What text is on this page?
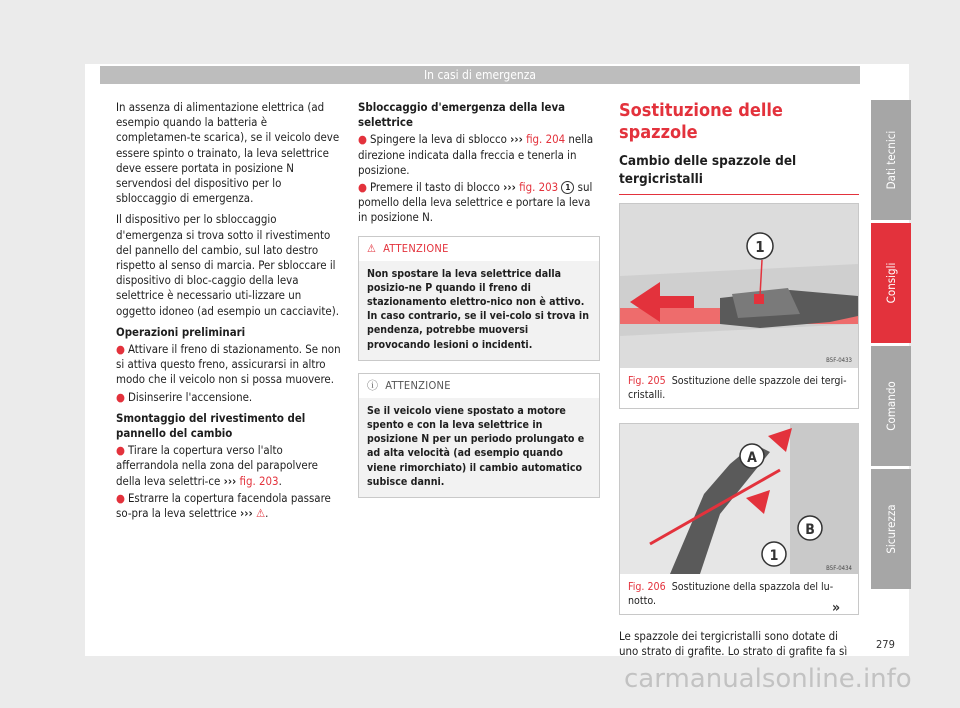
In casi di emergenza

In assenza di alimentazione elettrica (ad esempio quando la batteria è completamen-te scarica), se il veicolo deve essere spinto o trainato, la leva selettrice deve essere portata in posizione N servendosi del dispositivo per lo sbloccaggio di emergenza.

Il dispositivo per lo sbloccaggio d'emergenza si trova sotto il rivestimento del pannello del cambio, sul lato destro rispetto al senso di marcia. Per sbloccare il dispositivo di bloc-caggio della leva selettrice è necessario uti-lizzare un oggetto idoneo (ad esempio un cacciavite).

Operazioni preliminari

● Attivare il freno di stazionamento. Se non si attiva questo freno, assicurarsi in altro modo che il veicolo non si possa muovere.

● Disinserire l'accensione.

Smontaggio del rivestimento del pannello del cambio

● Tirare la copertura verso l'alto afferrandola nella zona del parapolvere della leva selettri-ce ››› fig. 203.

● Estrarre la copertura facendola passare so-pra la leva selettrice ››› ⚠.

Sbloccaggio d'emergenza della leva selettrice

● Spingere la leva di sblocco ››› fig. 204 nella direzione indicata dalla freccia e tenerla in posizione.

● Premere il tasto di blocco ››› fig. 203 1 sul pomello della leva selettrice e portare la leva in posizione N.

⚠ ATTENZIONE
Non spostare la leva selettrice dalla posizio-ne P quando il freno di stazionamento elettro-nico non è attivo. In caso contrario, se il vei-colo si trova in pendenza, potrebbe muoversi provocando lesioni o incidenti.
ⓘ ATTENZIONE
Se il veicolo viene spostato a motore spento e con la leva selettrice in posizione N per un periodo prolungato e ad alta velocità (ad esempio quando viene rimorchiato) il cambio automatico subisce danni.
Sostituzione delle spazzole
Cambio delle spazzole del tergicristalli
1
B5F-0433
Fig. 205 Sostituzione delle spazzole dei tergi-cristalli.
A
B
1
B5F-0434
Fig. 206 Sostituzione della spazzola del lu-notto.

Le spazzole dei tergicristalli sono dotate di uno strato di grafite. Lo strato di grafite fa sì

»
Dati tecnici
Consigli
Comando
Sicurezza
279
carmanualsonline.info
